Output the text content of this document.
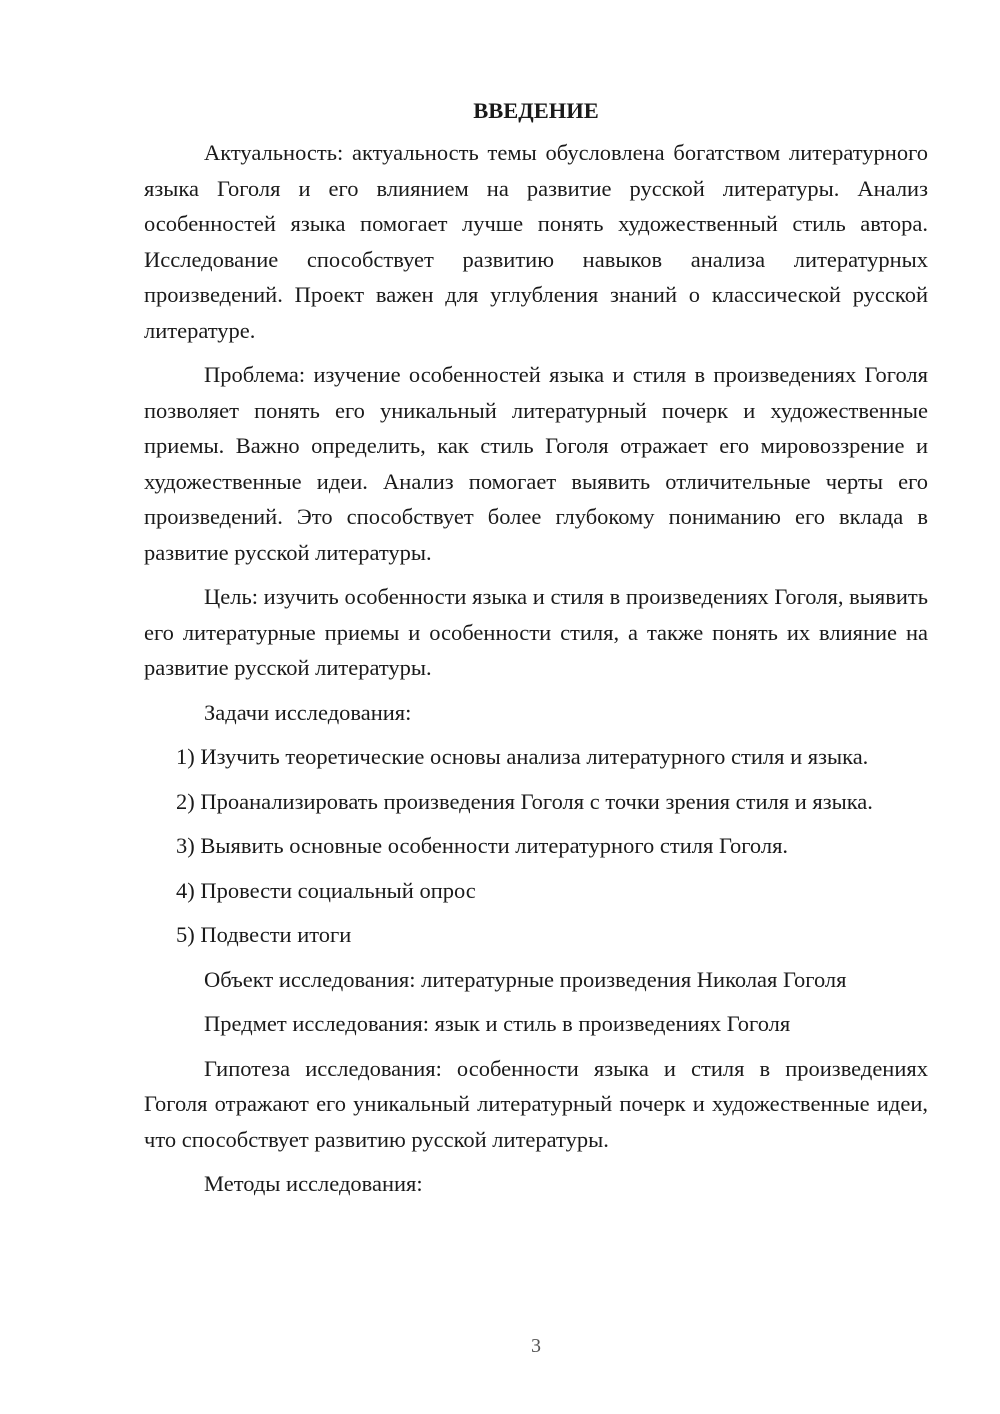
ВВЕДЕНИЕ

Актуальность: актуальность темы обусловлена богатством литературного языка Гоголя и его влиянием на развитие русской литературы. Анализ особенностей языка помогает лучше понять художественный стиль автора. Исследование способствует развитию навыков анализа литературных произведений. Проект важен для углубления знаний о классической русской литературе.

Проблема: изучение особенностей языка и стиля в произведениях Гоголя позволяет понять его уникальный литературный почерк и художественные приемы. Важно определить, как стиль Гоголя отражает его мировоззрение и художественные идеи. Анализ помогает выявить отличительные черты его произведений. Это способствует более глубокому пониманию его вклада в развитие русской литературы.

Цель: изучить особенности языка и стиля в произведениях Гоголя, выявить его литературные приемы и особенности стиля, а также понять их влияние на развитие русской литературы.

Задачи исследования:

1) Изучить теоретические основы анализа литературного стиля и языка.

2) Проанализировать произведения Гоголя с точки зрения стиля и языка.

3) Выявить основные особенности литературного стиля Гоголя.

4) Провести социальный опрос

5) Подвести итоги

Объект исследования: литературные произведения Николая Гоголя

Предмет исследования: язык и стиль в произведениях Гоголя

Гипотеза исследования: особенности языка и стиля в произведениях Гоголя отражают его уникальный литературный почерк и художественные идеи, что способствует развитию русской литературы.

Методы исследования:

3
